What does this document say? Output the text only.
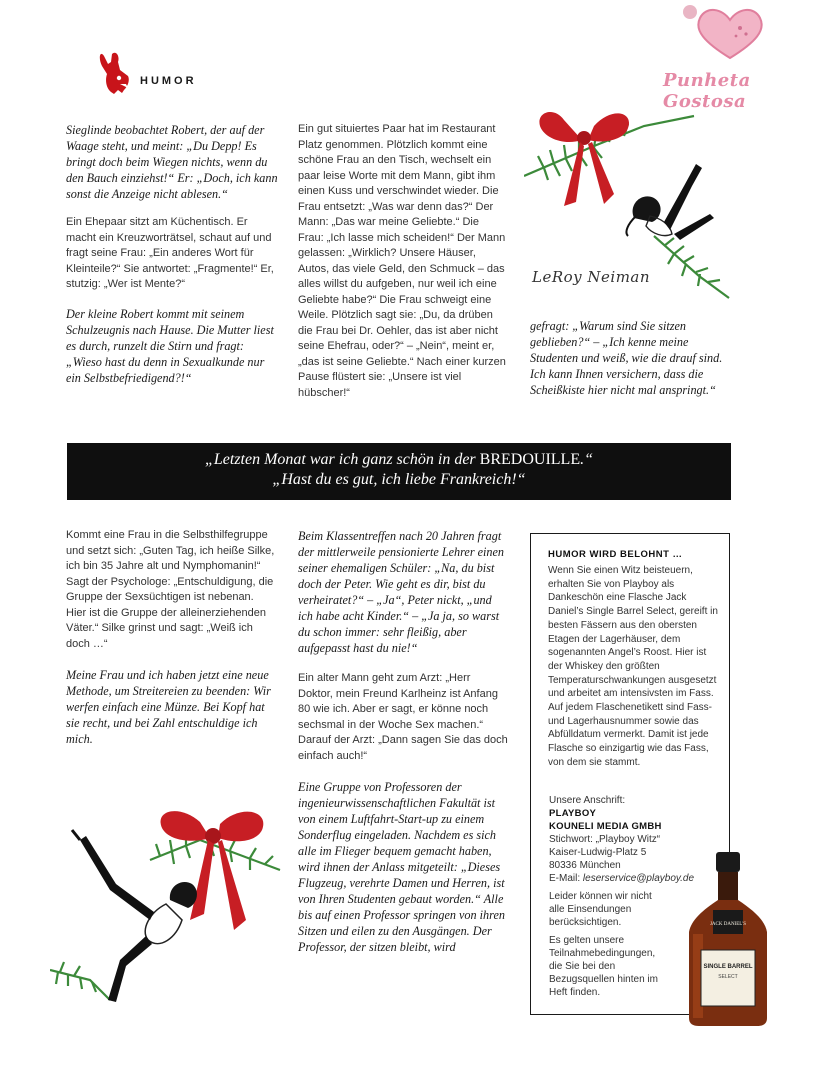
HUMOR	Punheta Gostosa

Sieglinde beobachtet Robert, der auf der Waage steht, und meint: „Du Depp! Es bringt doch beim Wiegen nichts, wenn du den Bauch einziehst!“ Er: „Doch, ich kann sonst die Anzeige nicht ablesen.“

Ein Ehepaar sitzt am Küchentisch. Er macht ein Kreuzworträtsel, schaut auf und fragt seine Frau: „Ein anderes Wort für Kleinteile?“ Sie antwortet: „Fragmente!“ Er, stutzig: „Wer ist Mente?“

Der kleine Robert kommt mit seinem Schulzeugnis nach Hause. Die Mutter liest es durch, runzelt die Stirn und fragt: „Wieso hast du denn in Sexualkunde nur ein Selbstbefriedigend?!“

Ein gut situiertes Paar hat im Restaurant Platz genommen. Plötzlich kommt eine schöne Frau an den Tisch, wechselt ein paar leise Worte mit dem Mann, gibt ihm einen Kuss und verschwindet wieder. Die Frau entsetzt: „Was war denn das?“ Der Mann: „Das war meine Geliebte.“ Die Frau: „Ich lasse mich scheiden!“ Der Mann gelassen: „Wirklich? Unsere Häuser, Autos, das viele Geld, den Schmuck – das alles willst du aufgeben, nur weil ich eine Geliebte habe?“ Die Frau schweigt eine Weile. Plötzlich sagt sie: „Du, da drüben die Frau bei Dr. Oehler, das ist aber nicht seine Ehefrau, oder?“ – „Nein“, meint er, „das ist seine Geliebte.“ Nach einer kurzen Pause flüstert sie: „Unsere ist viel hübscher!“

LeRoy Neiman

gefragt: „Warum sind Sie sitzen geblieben?“ – „Ich kenne meine Studenten und weiß, wie die drauf sind. Ich kann Ihnen versichern, dass die Scheißkiste hier nicht mal anspringt.“

„Letzten Monat war ich ganz schön in der BREDOUILLE.“
„Hast du es gut, ich liebe Frankreich!“

Kommt eine Frau in die Selbsthilfegruppe und setzt sich: „Guten Tag, ich heiße Silke, ich bin 35 Jahre alt und Nymphomanin!“ Sagt der Psychologe: „Entschuldigung, die Gruppe der Sexsüchtigen ist nebenan. Hier ist die Gruppe der alleinerziehenden Väter.“ Silke grinst und sagt: „Weiß ich doch …“

Meine Frau und ich haben jetzt eine neue Methode, um Streitereien zu beenden: Wir werfen einfach eine Münze. Bei Kopf hat sie recht, und bei Zahl entschuldige ich mich.

Beim Klassentreffen nach 20 Jahren fragt der mittlerweile pensionierte Lehrer einen seiner ehemaligen Schüler: „Na, du bist doch der Peter. Wie geht es dir, bist du verheiratet?“ – „Ja“, Peter nickt, „und ich habe acht Kinder.“ – „Ja ja, so warst du schon immer: sehr fleißig, aber aufgepasst hast du nie!“

Ein alter Mann geht zum Arzt: „Herr Doktor, mein Freund Karlheinz ist Anfang 80 wie ich. Aber er sagt, er könne noch sechsmal in der Woche Sex machen.“ Darauf der Arzt: „Dann sagen Sie das doch einfach auch!“

Eine Gruppe von Professoren der ingenieurwissenschaftlichen Fakultät ist von einem Luftfahrt-Start-up zu einem Sonderflug eingeladen. Nachdem es sich alle im Flieger bequem gemacht haben, wird ihnen der Anlass mitgeteilt: „Dieses Flugzeug, verehrte Damen und Herren, ist von Ihren Studenten gebaut worden.“ Alle bis auf einen Professor springen von ihren Sitzen und eilen zu den Ausgängen. Der Professor, der sitzen bleibt, wird

HUMOR WIRD BELOHNT …

Wenn Sie einen Witz beisteuern, erhalten Sie von Playboy als Dankeschön eine Flasche Jack Daniel’s Single Barrel Select, gereift in besten Fässern aus den obersten Etagen der Lagerhäuser, dem sogenannten Angel’s Roost. Hier ist der Whiskey den größten Temperaturschwankungen ausgesetzt und arbeitet am intensivsten im Fass. Auf jedem Flaschenetikett sind Fass- und Lagerhausnummer sowie das Abfülldatum vermerkt. Damit ist jede Flasche so einzigartig wie das Fass, von dem sie stammt.

Unsere Anschrift:
PLAYBOY
KOUNELI MEDIA GMBH
Stichwort: „Playboy Witz“
Kaiser-Ludwig-Platz 5
80336 München
E-Mail: leserservice@playboy.de

Leider können wir nicht alle Einsendungen berücksichtigen.

Es gelten unsere Teilnahmebedingungen, die Sie bei den Bezugsquellen hinten im Heft finden.

JACK DANIEL'S
SINGLE BARREL
SELECT
